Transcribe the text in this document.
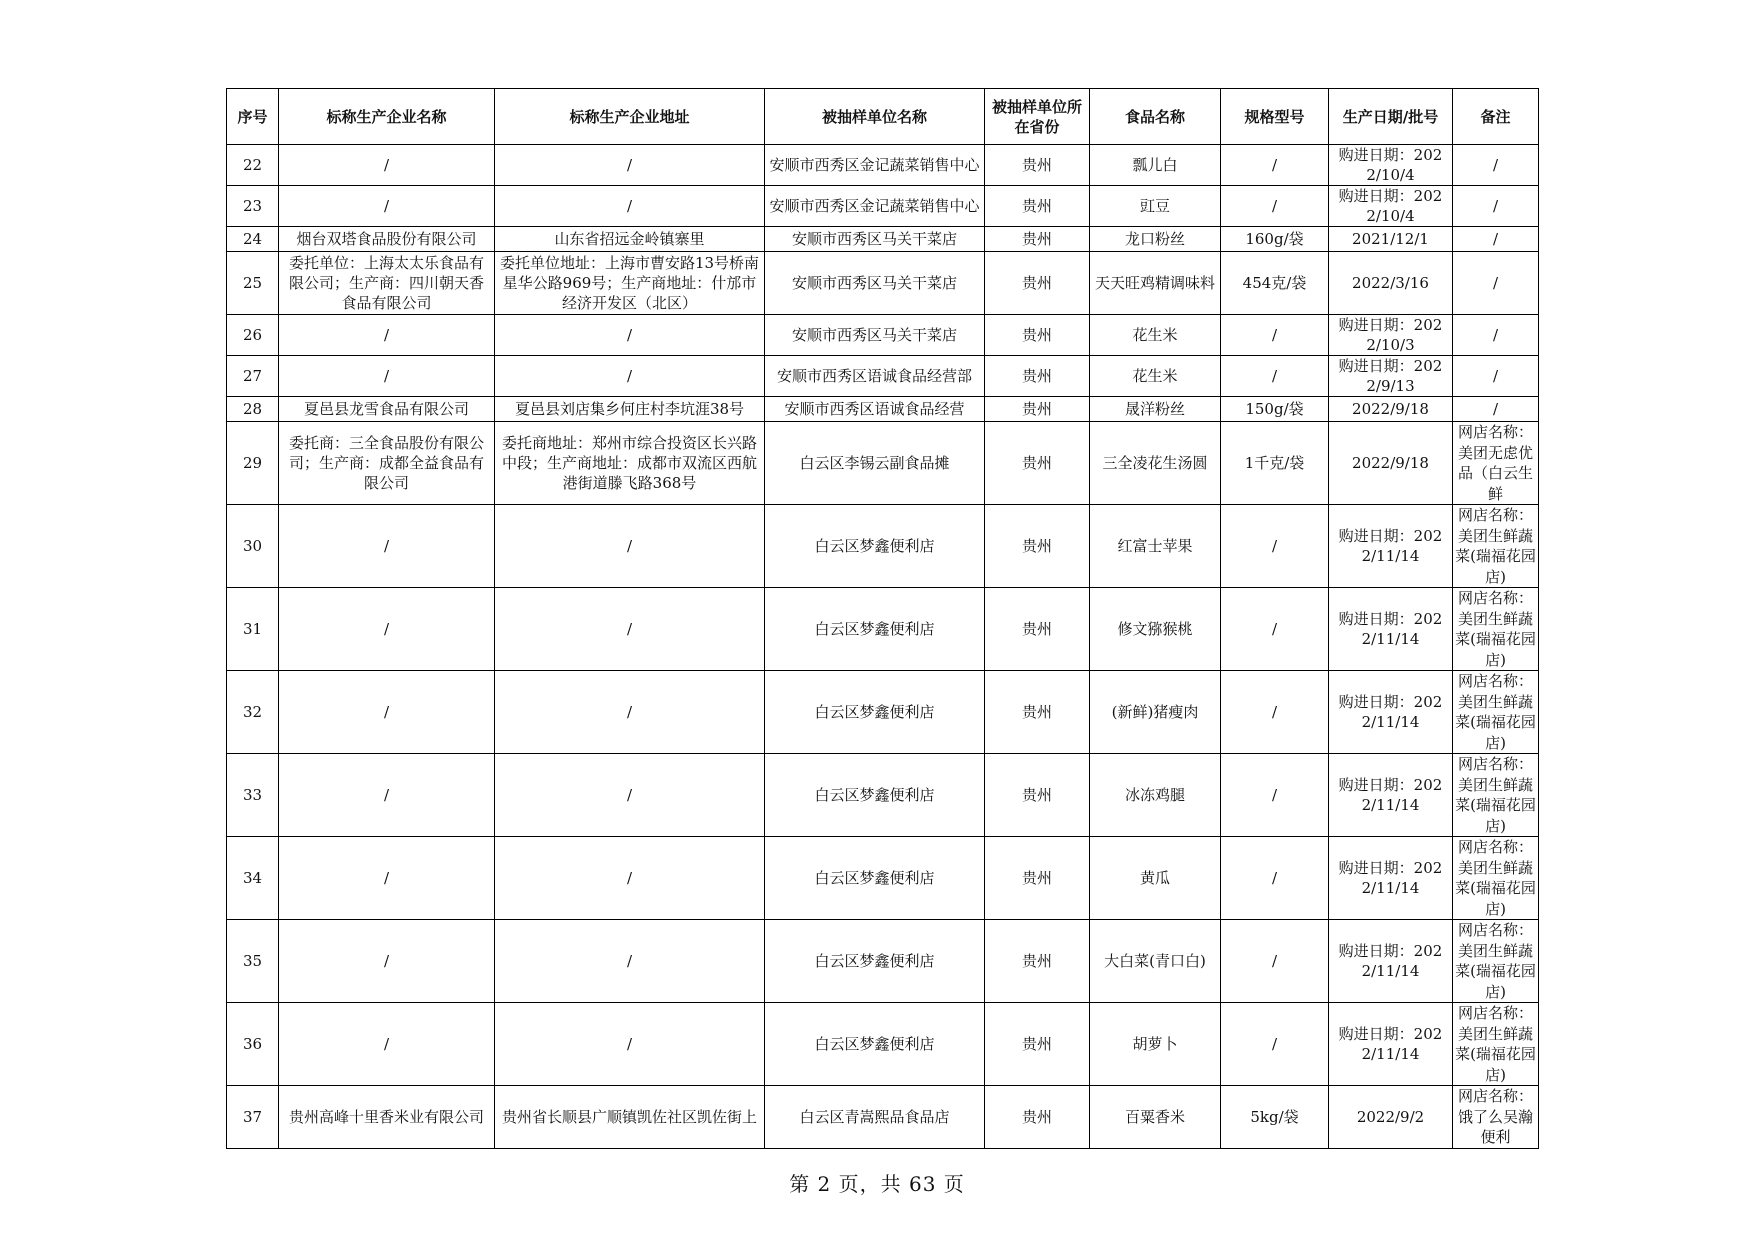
序号	标称生产企业名称	标称生产企业地址	被抽样单位名称	被抽样单位所在省份	食品名称	规格型号	生产日期/批号	备注
22	/	/	安顺市西秀区金记蔬菜销售中心	贵州	瓢儿白	/	购进日期：2022/10/4	/
23	/	/	安顺市西秀区金记蔬菜销售中心	贵州	豇豆	/	购进日期：2022/10/4	/
24	烟台双塔食品股份有限公司	山东省招远金岭镇寨里	安顺市西秀区马关干菜店	贵州	龙口粉丝	160g/袋	2021/12/1	/
25	委托单位：上海太太乐食品有限公司；生产商：四川朝天香食品有限公司	委托单位地址：上海市曹安路13号桥南星华公路969号；生产商地址：什邡市经济开发区（北区）	安顺市西秀区马关干菜店	贵州	天天旺鸡精调味料	454克/袋	2022/3/16	/
26	/	/	安顺市西秀区马关干菜店	贵州	花生米	/	购进日期：2022/10/3	/
27	/	/	安顺市西秀区语诚食品经营部	贵州	花生米	/	购进日期：2022/9/13	/
28	夏邑县龙雪食品有限公司	夏邑县刘店集乡何庄村李坑涯38号	安顺市西秀区语诚食品经营	贵州	晟洋粉丝	150g/袋	2022/9/18	/
29	委托商：三全食品股份有限公司；生产商：成都全益食品有限公司	委托商地址：郑州市综合投资区长兴路中段；生产商地址：成都市双流区西航港街道滕飞路368号	白云区李锡云副食品摊	贵州	三全凌花生汤圆	1千克/袋	2022/9/18	网店名称：美团无虑优品（白云生鲜
30	/	/	白云区梦鑫便利店	贵州	红富士苹果	/	购进日期：2022/11/14	网店名称：美团生鲜蔬菜(瑞福花园店)
31	/	/	白云区梦鑫便利店	贵州	修文猕猴桃	/	购进日期：2022/11/14	网店名称：美团生鲜蔬菜(瑞福花园店)
32	/	/	白云区梦鑫便利店	贵州	(新鲜)猪瘦肉	/	购进日期：2022/11/14	网店名称：美团生鲜蔬菜(瑞福花园店)
33	/	/	白云区梦鑫便利店	贵州	冰冻鸡腿	/	购进日期：2022/11/14	网店名称：美团生鲜蔬菜(瑞福花园店)
34	/	/	白云区梦鑫便利店	贵州	黄瓜	/	购进日期：2022/11/14	网店名称：美团生鲜蔬菜(瑞福花园店)
35	/	/	白云区梦鑫便利店	贵州	大白菜(青口白)	/	购进日期：2022/11/14	网店名称：美团生鲜蔬菜(瑞福花园店)
36	/	/	白云区梦鑫便利店	贵州	胡萝卜	/	购进日期：2022/11/14	网店名称：美团生鲜蔬菜(瑞福花园店)
37	贵州高峰十里香米业有限公司	贵州省长顺县广顺镇凯佐社区凯佐街上	白云区青嵩熙品食品店	贵州	百粟香米	5kg/袋	2022/9/2	网店名称：饿了么吴瀚便利
第 2 页，共 63 页
